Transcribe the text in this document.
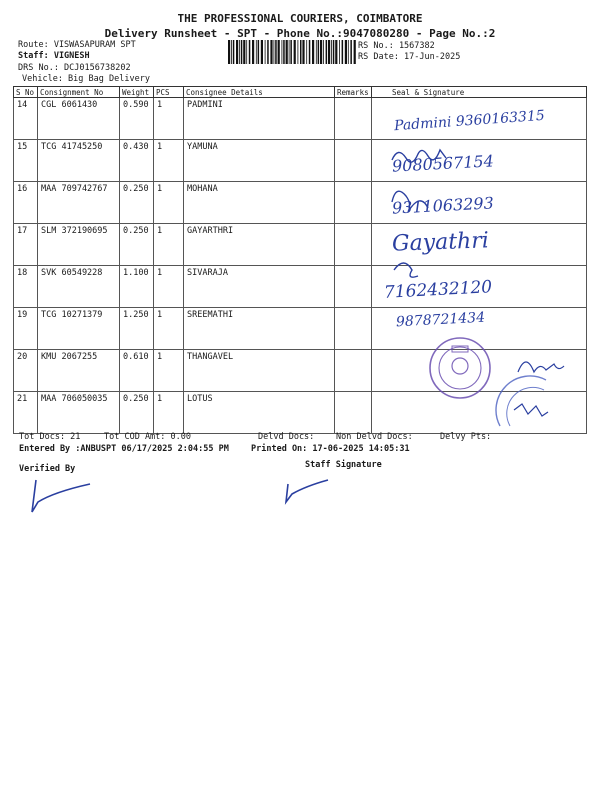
THE PROFESSIONAL COURIERS, COIMBATORE
Delivery Runsheet - SPT - Phone No.:9047080280 - Page No.:2
Route: VISWASAPURAM SPT
Staff: VIGNESH
DRS No.: DCJ0156738202
Vehicle: Big Bag Delivery
RS No.: 1567382
RS Date: 17-Jun-2025
S No	Consignment No	Weight	PCS	Consignee Details	Remarks	Seal & Signature
14	CGL 6061430	0.590	1	PADMINI		
15	TCG 41745250	0.430	1	YAMUNA		
16	MAA 709742767	0.250	1	MOHANA		
17	SLM 372190695	0.250	1	GAYARTHRI		
18	SVK 60549228	1.100	1	SIVARAJA		
19	TCG 10271379	1.250	1	SREEMATHI		
20	KMU 2067255	0.610	1	THANGAVEL		
21	MAA 706050035	0.250	1	LOTUS		
Padmini 9360163315
9080567154
9311063293
Gayathri
7162432120
9878721434
Tot Docs: 21	Tot COD Amt: 0.00	Delvd Docs:	Non Delvd Docs:	Delvy Pts:
Entered By :ANBUSPT 06/17/2025 2:04:55 PM	Printed On: 17-06-2025 14:05:31
Verified By	Staff Signature
